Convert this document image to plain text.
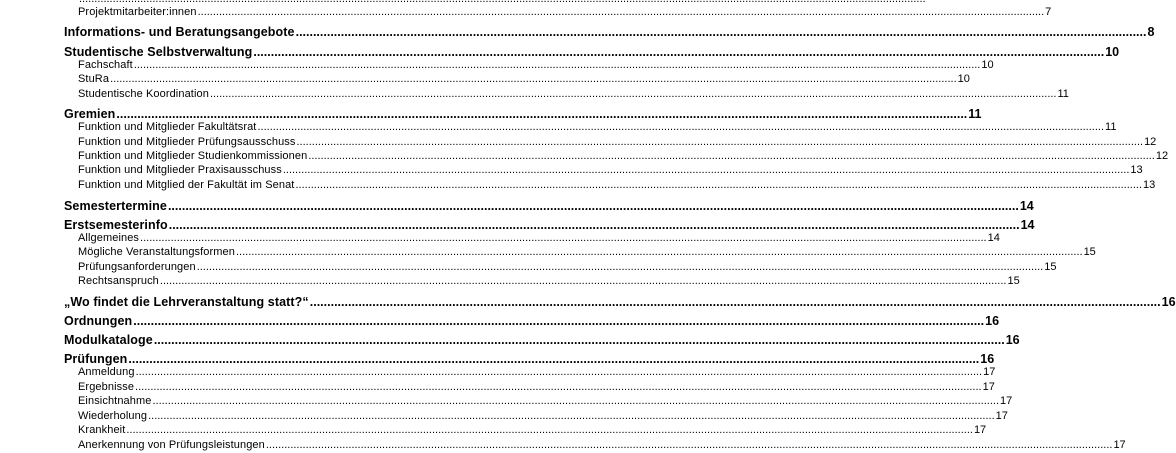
Projektmitarbeiter:innen ..................................................................................................................................................................................................................................................................................... 7
Informations- und Beratungsangebote ..................................................................................................................................................................................................................................................... 8
Studentische Selbstverwaltung ..................................................................................................................................................................................................................................................... 10
Fachschaft ..................................................................................................................................................................................................................................................................................... 10
StuRa ..................................................................................................................................................................................................................................................................................... 10
Studentische Koordination ..................................................................................................................................................................................................................................................................................... 11
Gremien ..................................................................................................................................................................................................................................................... 11
Funktion und Mitglieder Fakultätsrat ..................................................................................................................................................................................................................................................................................... 11
Funktion und Mitglieder Prüfungsausschuss ..................................................................................................................................................................................................................................................................................... 12
Funktion und Mitglieder Studienkommissionen ..................................................................................................................................................................................................................................................................................... 12
Funktion und Mitglieder Praxisausschuss ..................................................................................................................................................................................................................................................................................... 13
Funktion und Mitglied der Fakultät im Senat ..................................................................................................................................................................................................................................................................................... 13
Semestertermine ..................................................................................................................................................................................................................................................... 14
Erstsemesterinfo ..................................................................................................................................................................................................................................................... 14
Allgemeines ..................................................................................................................................................................................................................................................................................... 14
Mögliche Veranstaltungsformen ..................................................................................................................................................................................................................................................................................... 15
Prüfungsanforderungen ..................................................................................................................................................................................................................................................................................... 15
Rechtsanspruch ..................................................................................................................................................................................................................................................................................... 15
„Wo findet die Lehrveranstaltung statt?“ ..................................................................................................................................................................................................................................................... 16
Ordnungen ..................................................................................................................................................................................................................................................... 16
Modulkataloge ..................................................................................................................................................................................................................................................... 16
Prüfungen ..................................................................................................................................................................................................................................................... 16
Anmeldung ..................................................................................................................................................................................................................................................................................... 17
Ergebnisse ..................................................................................................................................................................................................................................................................................... 17
Einsichtnahme ..................................................................................................................................................................................................................................................................................... 17
Wiederholung ..................................................................................................................................................................................................................................................................................... 17
Krankheit ..................................................................................................................................................................................................................................................................................... 17
Anerkennung von Prüfungsleistungen ..................................................................................................................................................................................................................................................................................... 17
